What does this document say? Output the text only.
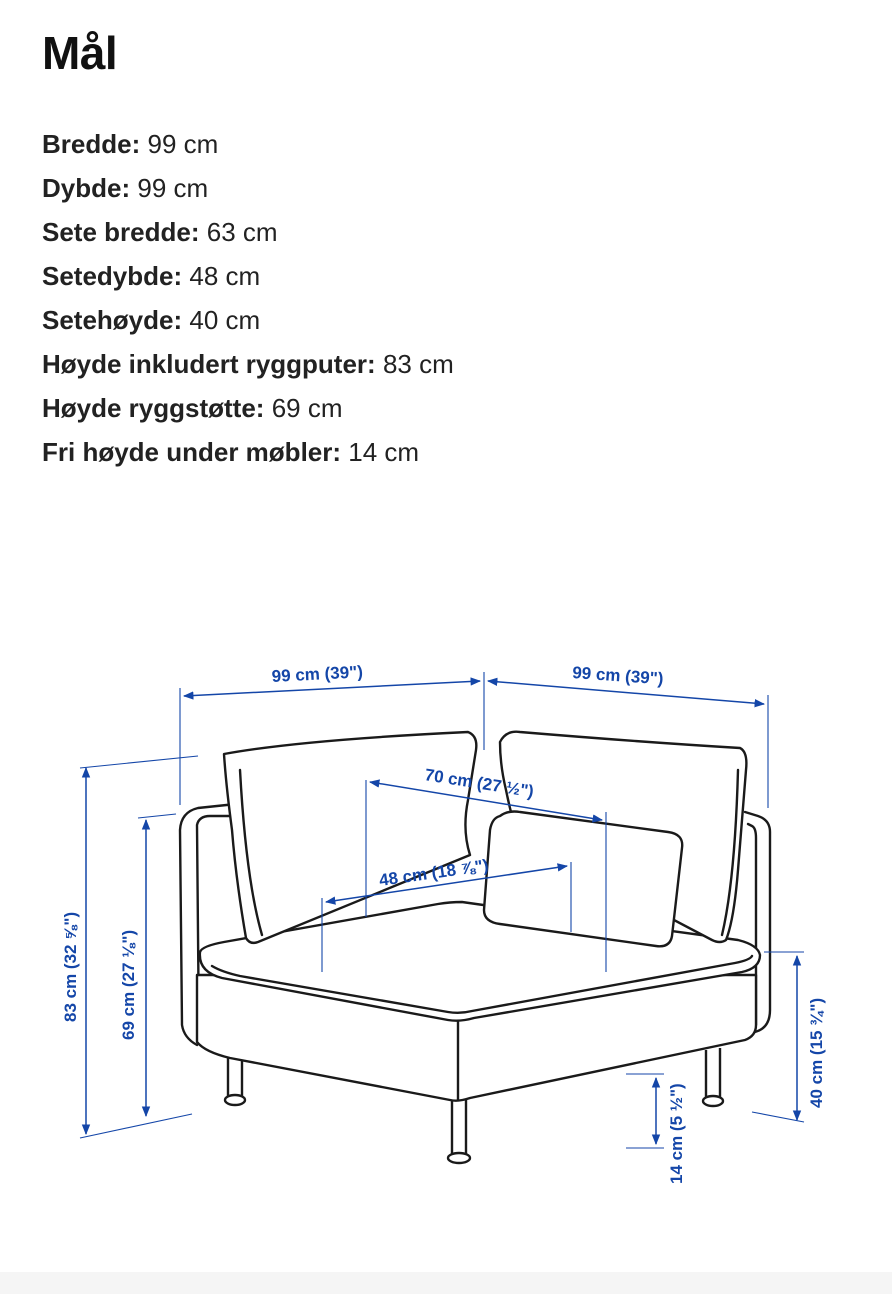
Mål
Bredde: 99 cm
Dybde: 99 cm
Sete bredde: 63 cm
Setedybde: 48 cm
Setehøyde: 40 cm
Høyde inkludert ryggputer: 83 cm
Høyde ryggstøtte: 69 cm
Fri høyde under møbler: 14 cm
99 cm (39")	99 cm (39")
70 cm (27 ½")
48 cm (18 ⅞")
83 cm (32 ⅝") 69 cm (27 ⅛")
40 cm (15 ¾")
14 cm (5 ½")
